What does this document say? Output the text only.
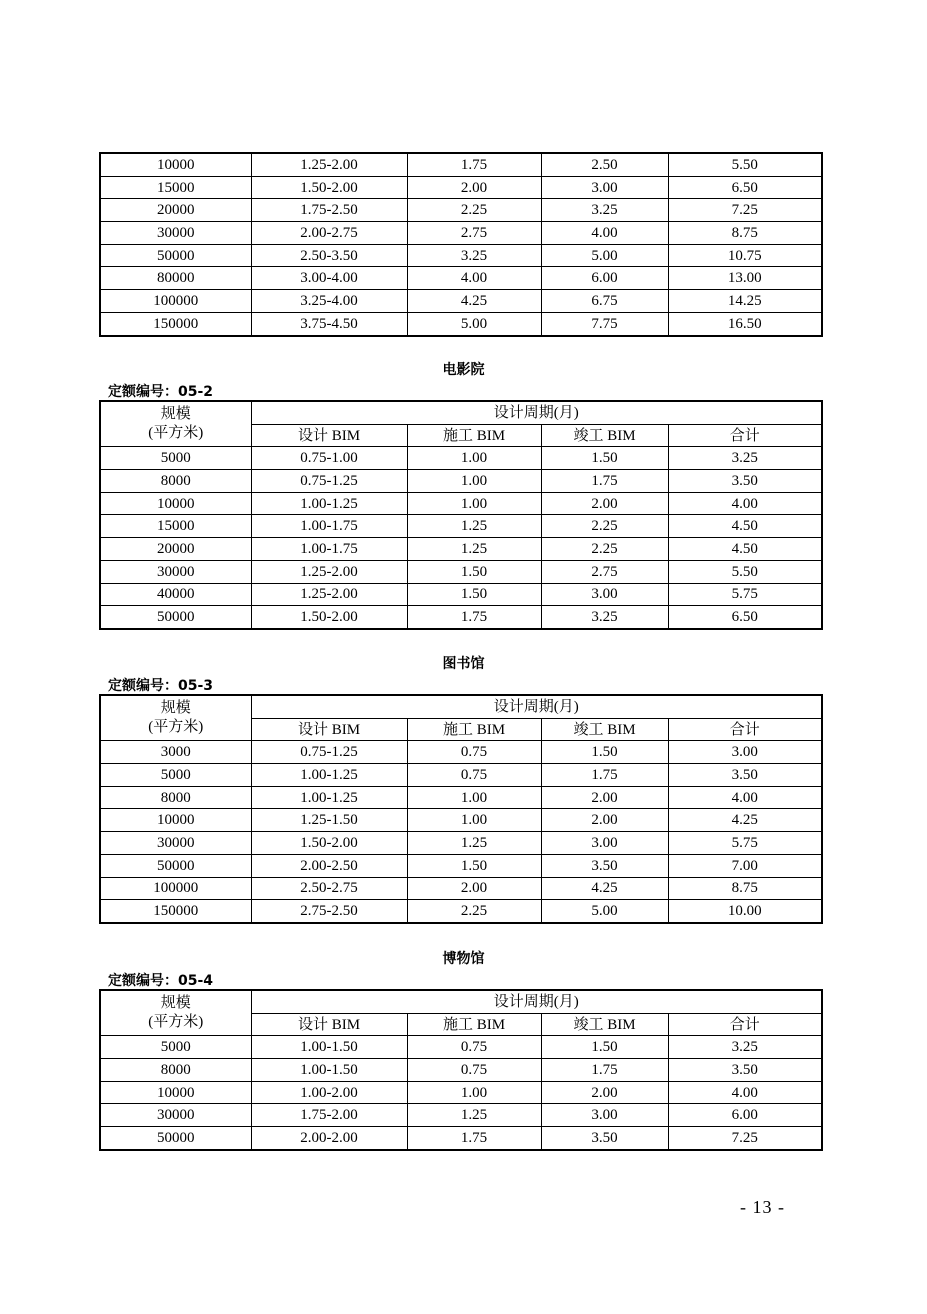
10000	1.25-2.00	1.75	2.50	5.50
15000	1.50-2.00	2.00	3.00	6.50
20000	1.75-2.50	2.25	3.25	7.25
30000	2.00-2.75	2.75	4.00	8.75
50000	2.50-3.50	3.25	5.00	10.75
80000	3.00-4.00	4.00	6.00	13.00
100000	3.25-4.00	4.25	6.75	14.25
150000	3.75-4.50	5.00	7.75	16.50
电影院
定额编号：05-2
规模
(平方米)	设计周期(月)			
	设计 BIM	施工 BIM	竣工 BIM	合计
5000	0.75-1.00	1.00	1.50	3.25
8000	0.75-1.25	1.00	1.75	3.50
10000	1.00-1.25	1.00	2.00	4.00
15000	1.00-1.75	1.25	2.25	4.50
20000	1.00-1.75	1.25	2.25	4.50
30000	1.25-2.00	1.50	2.75	5.50
40000	1.25-2.00	1.50	3.00	5.75
50000	1.50-2.00	1.75	3.25	6.50
图书馆
定额编号：05-3
规模
(平方米)	设计周期(月)			
	设计 BIM	施工 BIM	竣工 BIM	合计
3000	0.75-1.25	0.75	1.50	3.00
5000	1.00-1.25	0.75	1.75	3.50
8000	1.00-1.25	1.00	2.00	4.00
10000	1.25-1.50	1.00	2.00	4.25
30000	1.50-2.00	1.25	3.00	5.75
50000	2.00-2.50	1.50	3.50	7.00
100000	2.50-2.75	2.00	4.25	8.75
150000	2.75-2.50	2.25	5.00	10.00
博物馆
定额编号：05-4
规模
(平方米)	设计周期(月)			
	设计 BIM	施工 BIM	竣工 BIM	合计
5000	1.00-1.50	0.75	1.50	3.25
8000	1.00-1.50	0.75	1.75	3.50
10000	1.00-2.00	1.00	2.00	4.00
30000	1.75-2.00	1.25	3.00	6.00
50000	2.00-2.00	1.75	3.50	7.25
- 13 -
